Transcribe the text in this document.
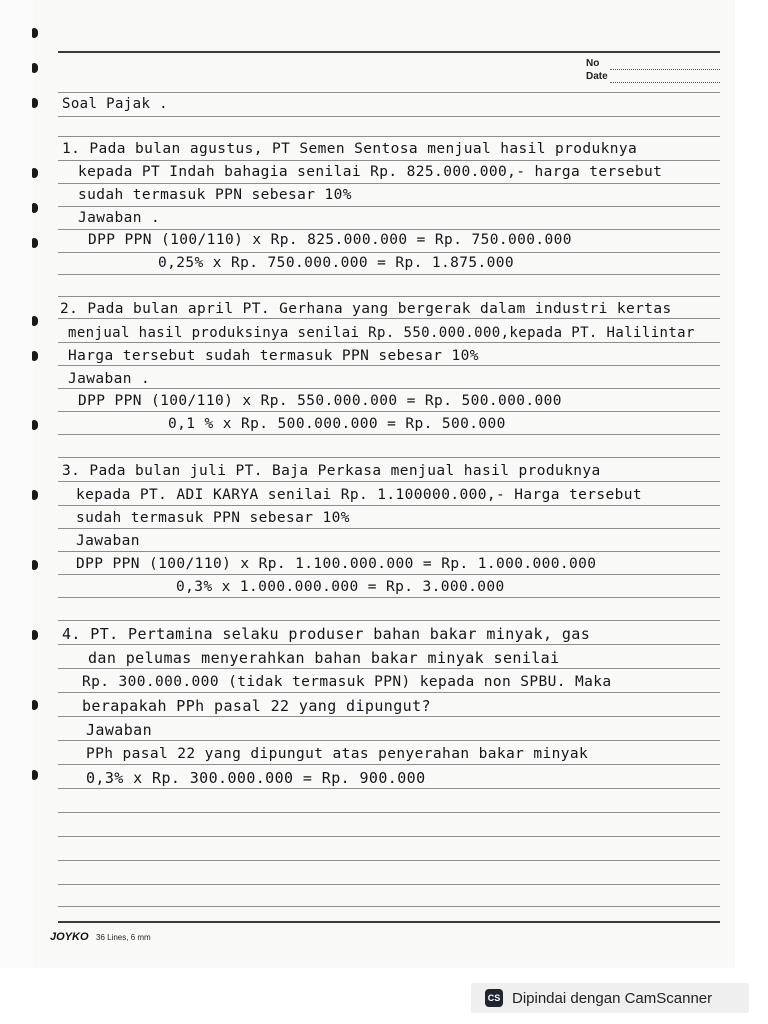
No
Date
Soal Pajak .
1. Pada bulan agustus, PT Semen Sentosa menjual hasil produknya
kepada PT Indah bahagia senilai Rp. 825.000.000,- harga tersebut
sudah termasuk PPN sebesar 10%
Jawaban .
DPP PPN (100/110) x Rp. 825.000.000 = Rp. 750.000.000
0,25% x Rp. 750.000.000 = Rp. 1.875.000
2. Pada bulan april PT. Gerhana yang bergerak dalam industri kertas
menjual hasil produksinya senilai Rp. 550.000.000,kepada PT. Halilintar
Harga tersebut sudah termasuk PPN sebesar 10%
Jawaban .
DPP PPN (100/110) x Rp. 550.000.000 = Rp. 500.000.000
0,1 % x Rp. 500.000.000 = Rp. 500.000
3. Pada bulan juli PT. Baja Perkasa menjual hasil produknya
kepada PT. ADI KARYA senilai Rp. 1.100000.000,- Harga tersebut
sudah termasuk PPN sebesar 10%
Jawaban
DPP PPN (100/110) x Rp. 1.100.000.000 = Rp. 1.000.000.000
0,3% x 1.000.000.000 = Rp. 3.000.000
4. PT. Pertamina selaku produser bahan bakar minyak, gas
dan pelumas menyerahkan bahan bakar minyak senilai
Rp. 300.000.000 (tidak termasuk PPN) kepada non SPBU. Maka
berapakah PPh pasal 22 yang dipungut?
Jawaban
PPh pasal 22 yang dipungut atas penyerahan bakar minyak
0,3% x Rp. 300.000.000 = Rp. 900.000
JOYKO 36 Lines, 6 mm
CS Dipindai dengan CamScanner
